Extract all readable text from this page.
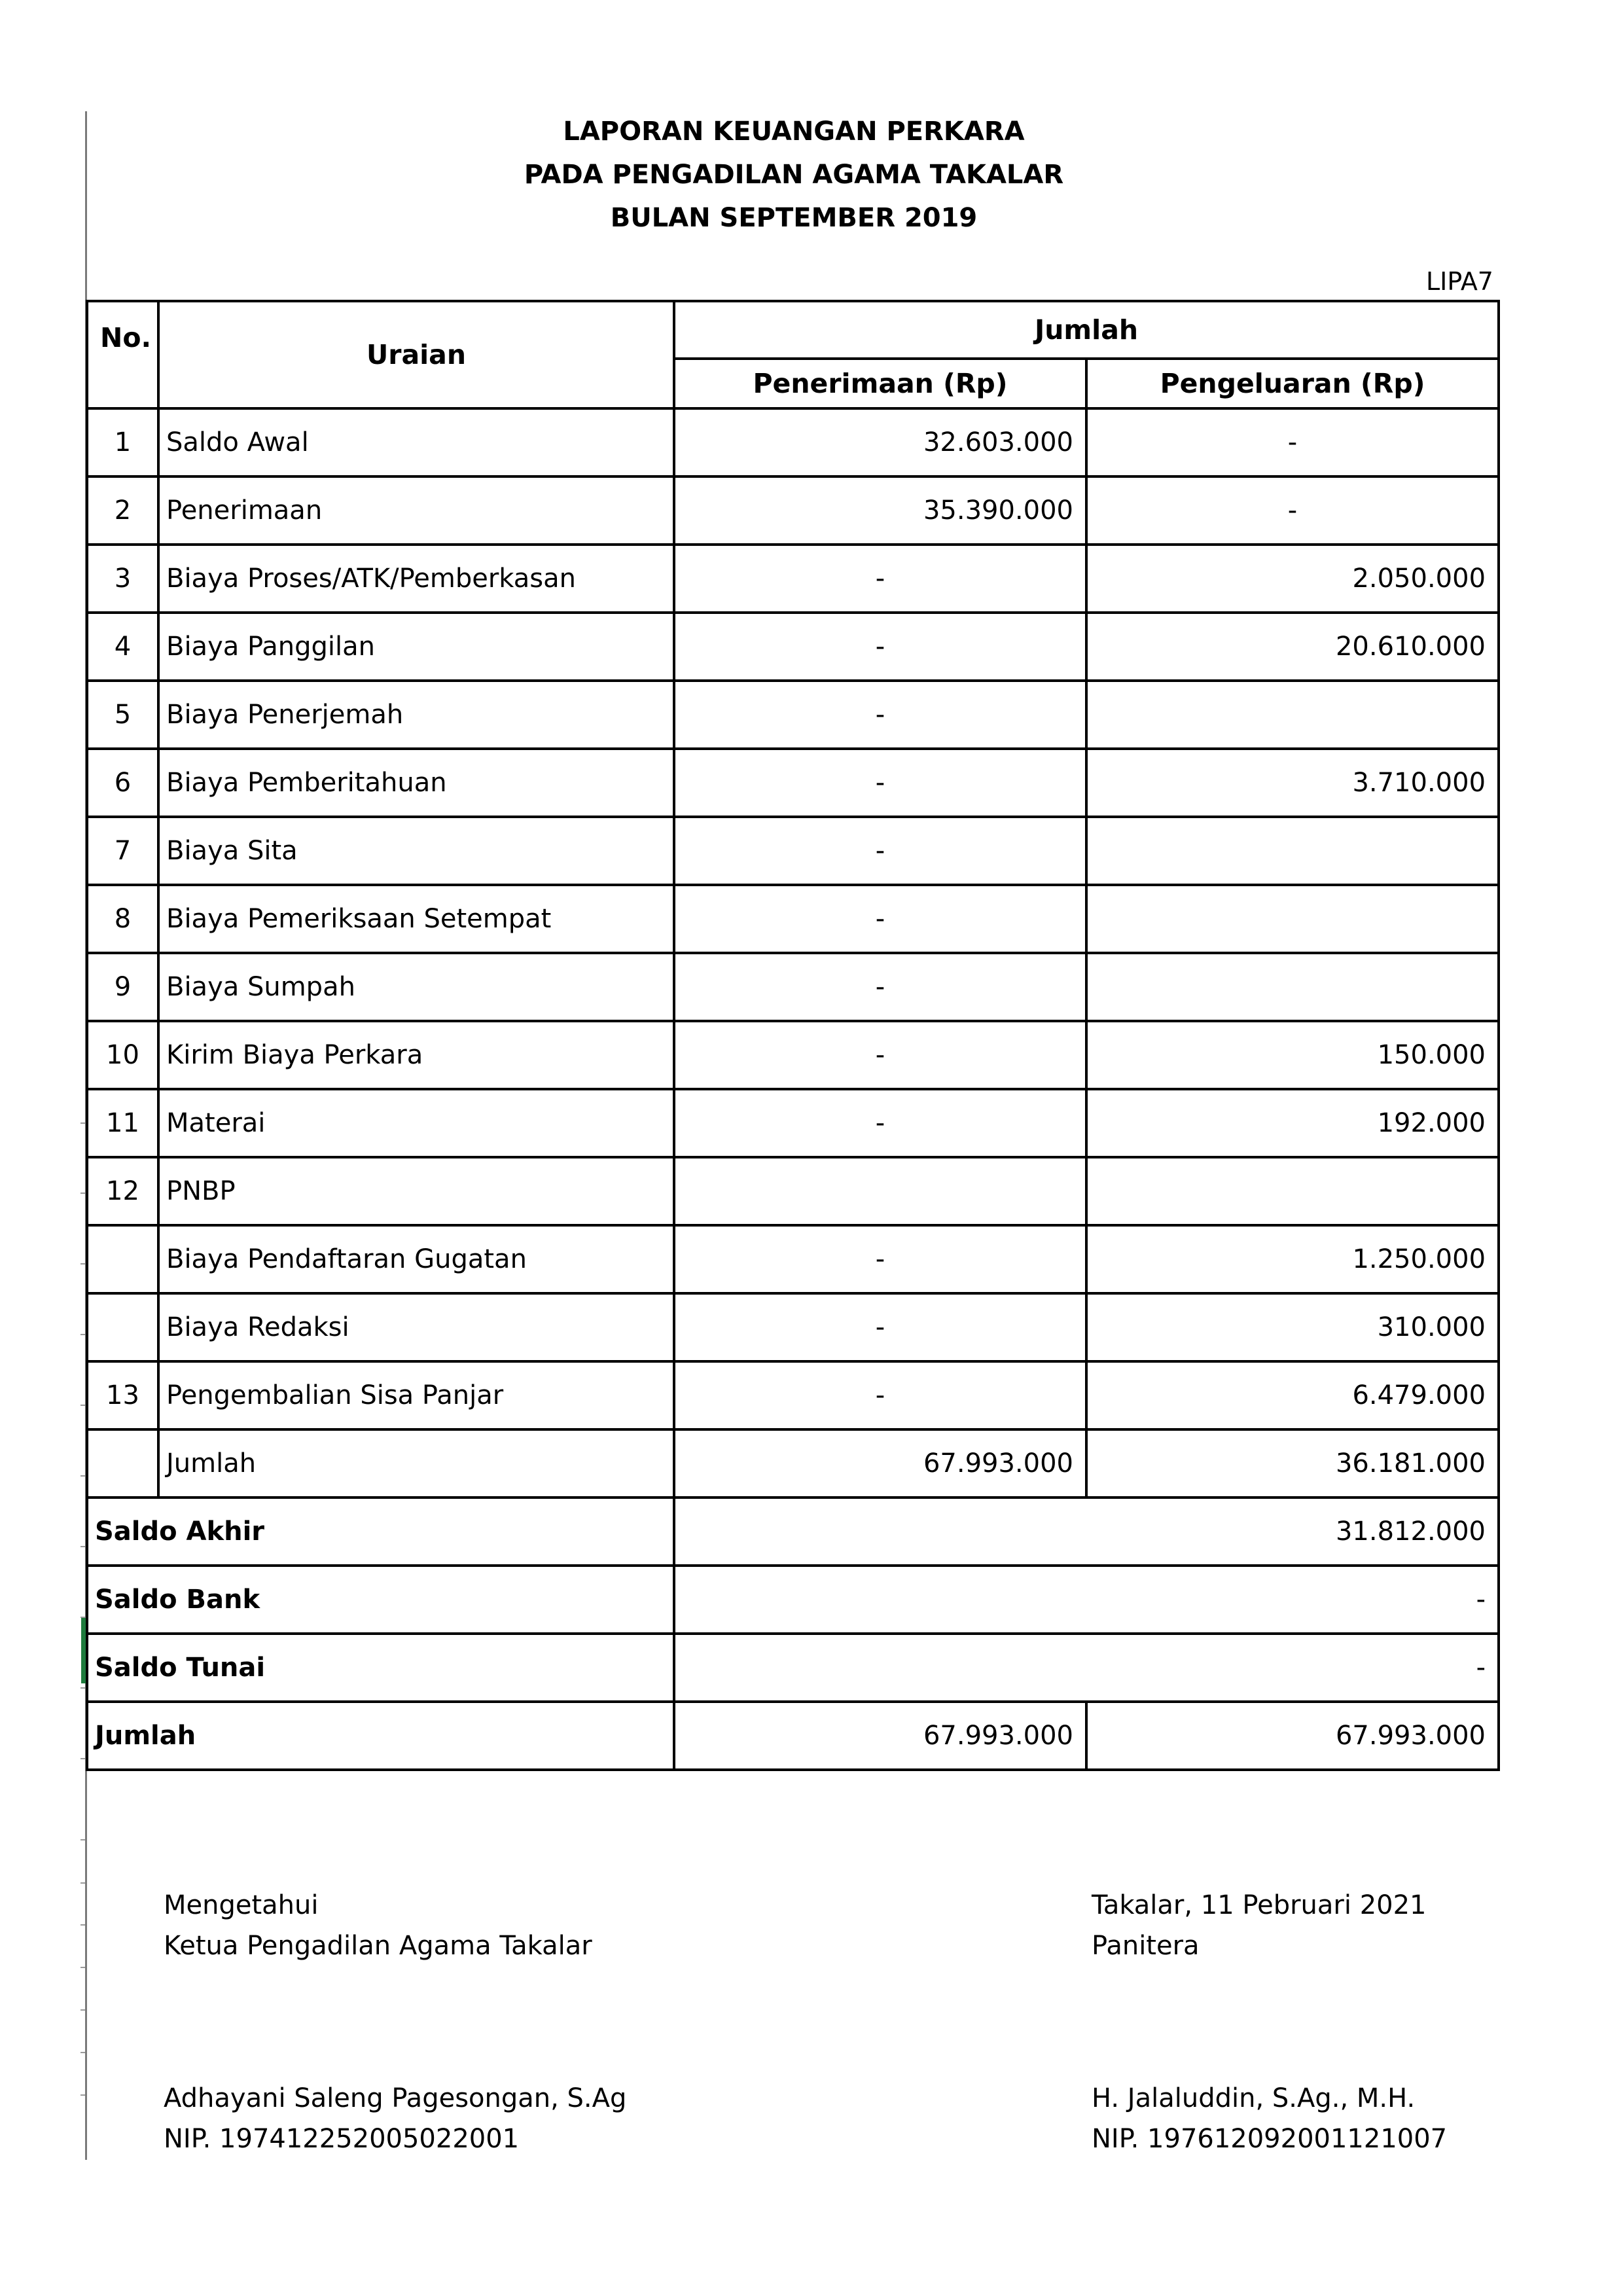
LAPORAN KEUANGAN PERKARA
PADA PENGADILAN AGAMA TAKALAR
BULAN SEPTEMBER 2019
LIPA7
No.	Uraian	Jumlah	
		Penerimaan (Rp)	Pengeluaran (Rp)
1	Saldo Awal	32.603.000	-
2	Penerimaan	35.390.000	-
3	Biaya Proses/ATK/Pemberkasan	-	2.050.000
4	Biaya Panggilan	-	20.610.000
5	Biaya Penerjemah	-	
6	Biaya Pemberitahuan	-	3.710.000
7	Biaya Sita	-	
8	Biaya Pemeriksaan Setempat	-	
9	Biaya Sumpah	-	
10	Kirim Biaya Perkara	-	150.000
11	Materai	-	192.000
12	PNBP		
	Biaya Pendaftaran Gugatan	-	1.250.000
	Biaya Redaksi	-	310.000
13	Pengembalian Sisa Panjar	-	6.479.000
	Jumlah	67.993.000	36.181.000
Saldo Akhir		31.812.000	
Saldo Bank		-	
Saldo Tunai		-	
Jumlah		67.993.000	67.993.000
Mengetahui
Ketua Pengadilan Agama Takalar
Adhayani Saleng Pagesongan, S.Ag
NIP. 197412252005022001
Takalar, 11 Pebruari 2021
Panitera
H. Jalaluddin, S.Ag., M.H.
NIP. 197612092001121007
